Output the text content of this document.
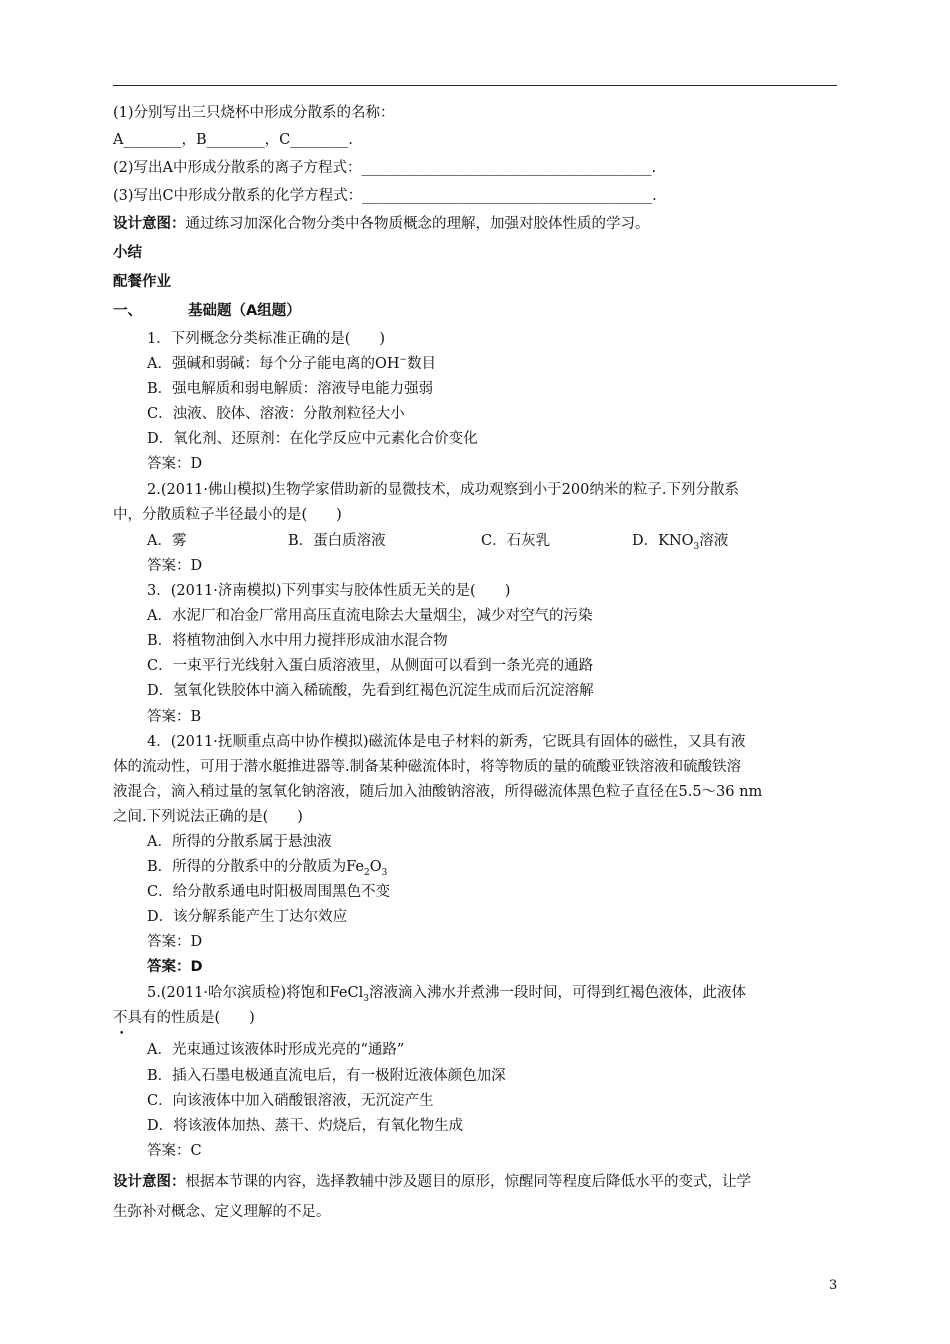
(1)分别写出三只烧杯中形成分散系的名称：
A________，B________，C________.
(2)写出A中形成分散系的离子方程式：________________________________________.
(3)写出C中形成分散系的化学方程式：________________________________________.
设计意图：通过练习加深化合物分类中各物质概念的理解，加强对胶体性质的学习。
小结
配餐作业
一、	基础题（A组题）
1．下列概念分类标准正确的是(　　)
A．强碱和弱碱：每个分子能电离的OH−数目
B．强电解质和弱电解质：溶液导电能力强弱
C．浊液、胶体、溶液：分散剂粒径大小
D．氧化剂、还原剂：在化学反应中元素化合价变化
答案：D
2.(2011·佛山模拟)生物学家借助新的显微技术，成功观察到小于200纳米的粒子.下列分散系
中，分散质粒子半径最小的是(　　)
A．雾	B．蛋白质溶液	C．石灰乳	D．$KNO_3$溶液
答案：D
3．(2011·济南模拟)下列事实与胶体性质无关的是(　　)
A．水泥厂和冶金厂常用高压直流电除去大量烟尘，减少对空气的污染
B．将植物油倒入水中用力搅拌形成油水混合物
C．一束平行光线射入蛋白质溶液里，从侧面可以看到一条光亮的通路
D．氢氧化铁胶体中滴入稀硫酸，先看到红褐色沉淀生成而后沉淀溶解
答案：B
4．(2011·抚顺重点高中协作模拟)磁流体是电子材料的新秀，它既具有固体的磁性，又具有液
体的流动性，可用于潜水艇推进器等.制备某种磁流体时，将等物质的量的硫酸亚铁溶液和硫酸铁溶
液混合，滴入稍过量的氢氧化钠溶液，随后加入油酸钠溶液，所得磁流体黑色粒子直径在5.5～36 nm
之间.下列说法正确的是(　　)
A．所得的分散系属于悬浊液
B．所得的分散系中的分散质为$Fe_2O_3$
C．给分散系通电时阳极周围黑色不变
D．该分解系能产生丁达尔效应
答案：D
答案：D
5.(2011·哈尔滨质检)将饱和FeCl$_3$溶液滴入沸水并煮沸一段时间，可得到红褐色液体，此液体
不具有的性质是(　　)
A．光束通过该液体时形成光亮的“通路”
B．插入石墨电极通直流电后，有一极附近液体颜色加深
C．向该液体中加入硝酸银溶液，无沉淀产生
D．将该液体加热、蒸干、灼烧后，有氧化物生成
答案：C
设计意图：根据本节课的内容，选择教辅中涉及题目的原形，惊醒同等程度后降低水平的变式，让学
生弥补对概念、定义理解的不足。
3
